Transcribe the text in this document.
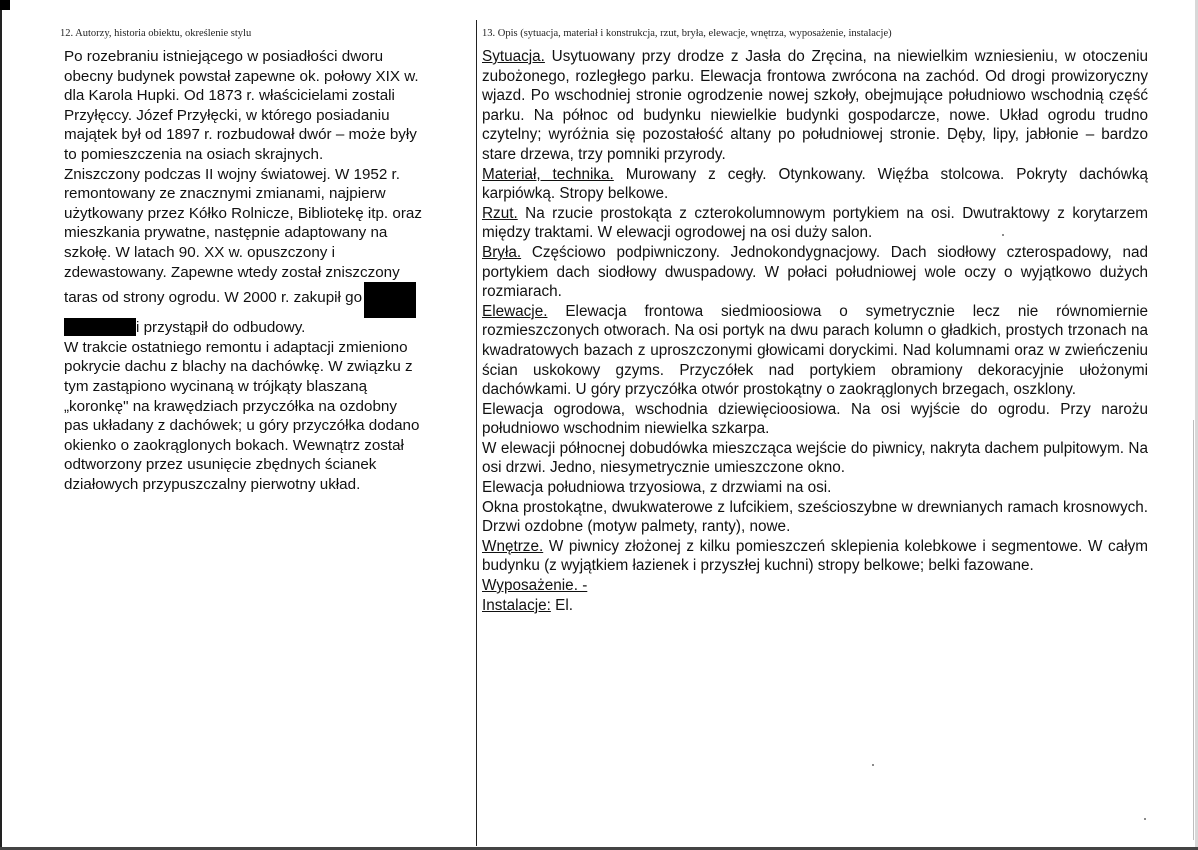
12. Autorzy, historia obiektu, określenie stylu

Po rozebraniu istniejącego w posiadłości dworu

obecny budynek powstał zapewne ok. połowy XIX w.

dla Karola Hupki. Od 1873 r. właścicielami zostali

Przyłęccy. Józef Przyłęcki, w którego posiadaniu

majątek był od 1897 r. rozbudował dwór – może były

to pomieszczenia na osiach skrajnych.

Zniszczony podczas II wojny światowej. W 1952 r.

remontowany ze znacznymi zmianami, najpierw

użytkowany przez Kółko Rolnicze, Bibliotekę itp. oraz

mieszkania prywatne, następnie adaptowany na

szkołę. W latach 90. XX w. opuszczony i

zdewastowany. Zapewne wtedy został zniszczony

taras od strony ogrodu. W 2000 r. zakupił go

i przystąpił do odbudowy.

W trakcie ostatniego remontu i adaptacji zmieniono

pokrycie dachu z blachy na dachówkę. W związku z

tym zastąpiono wycinaną w trójkąty blaszaną

„koronkę" na krawędziach przyczółka na ozdobny

pas układany z dachówek; u góry przyczółka dodano

okienko o zaokrąglonych bokach. Wewnątrz został

odtworzony przez usunięcie zbędnych ścianek

działowych przypuszczalny pierwotny układ.

13. Opis (sytuacja, materiał i konstrukcja, rzut, bryła, elewacje, wnętrza, wyposażenie, instalacje)

Sytuacja. Usytuowany przy drodze z Jasła do Zręcina, na niewielkim wzniesieniu, w otoczeniu zubożonego, rozległego parku. Elewacja frontowa zwrócona na zachód. Od drogi prowizoryczny wjazd. Po wschodniej stronie ogrodzenie nowej szkoły, obejmujące południowo wschodnią część parku. Na północ od budynku niewielkie budynki gospodarcze, nowe. Układ ogrodu trudno czytelny; wyróżnia się pozostałość altany po południowej stronie. Dęby, lipy, jabłonie – bardzo stare drzewa, trzy pomniki przyrody.

Materiał, technika. Murowany z cegły. Otynkowany. Więźba stolcowa. Pokryty dachówką karpiówką. Stropy belkowe.

Rzut. Na rzucie prostokąta z czterokolumnowym portykiem na osi. Dwutraktowy z korytarzem między traktami. W elewacji ogrodowej na osi duży salon.

Bryła. Częściowo podpiwniczony. Jednokondygnacjowy. Dach siodłowy czterospadowy, nad portykiem dach siodłowy dwuspadowy. W połaci południowej wole oczy o wyjątkowo dużych rozmiarach.

Elewacje. Elewacja frontowa siedmioosiowa o symetrycznie lecz nie równomiernie rozmieszczonych otworach. Na osi portyk na dwu parach kolumn o gładkich, prostych trzonach na kwadratowych bazach z uproszczonymi głowicami doryckimi. Nad kolumnami oraz w zwieńczeniu ścian uskokowy gzyms. Przyczółek nad portykiem obramiony dekoracyjnie ułożonymi dachówkami. U góry przyczółka otwór prostokątny o zaokrąglonych brzegach, oszklony.

Elewacja ogrodowa, wschodnia dziewięcioosiowa. Na osi wyjście do ogrodu. Przy narożu południowo wschodnim niewielka szkarpa.

W elewacji północnej dobudówka mieszcząca wejście do piwnicy, nakryta dachem pulpitowym. Na osi drzwi. Jedno, niesymetrycznie umieszczone okno.

Elewacja południowa trzyosiowa, z drzwiami na osi.

Okna prostokątne, dwukwaterowe z lufcikiem, sześcioszybne w drewnianych ramach krosnowych. Drzwi ozdobne (motyw palmety, ranty), nowe.

Wnętrze. W piwnicy złożonej z kilku pomieszczeń sklepienia kolebkowe i segmentowe. W całym budynku (z wyjątkiem łazienek i przyszłej kuchni) stropy belkowe; belki fazowane.

Wyposażenie. -

Instalacje: El.
